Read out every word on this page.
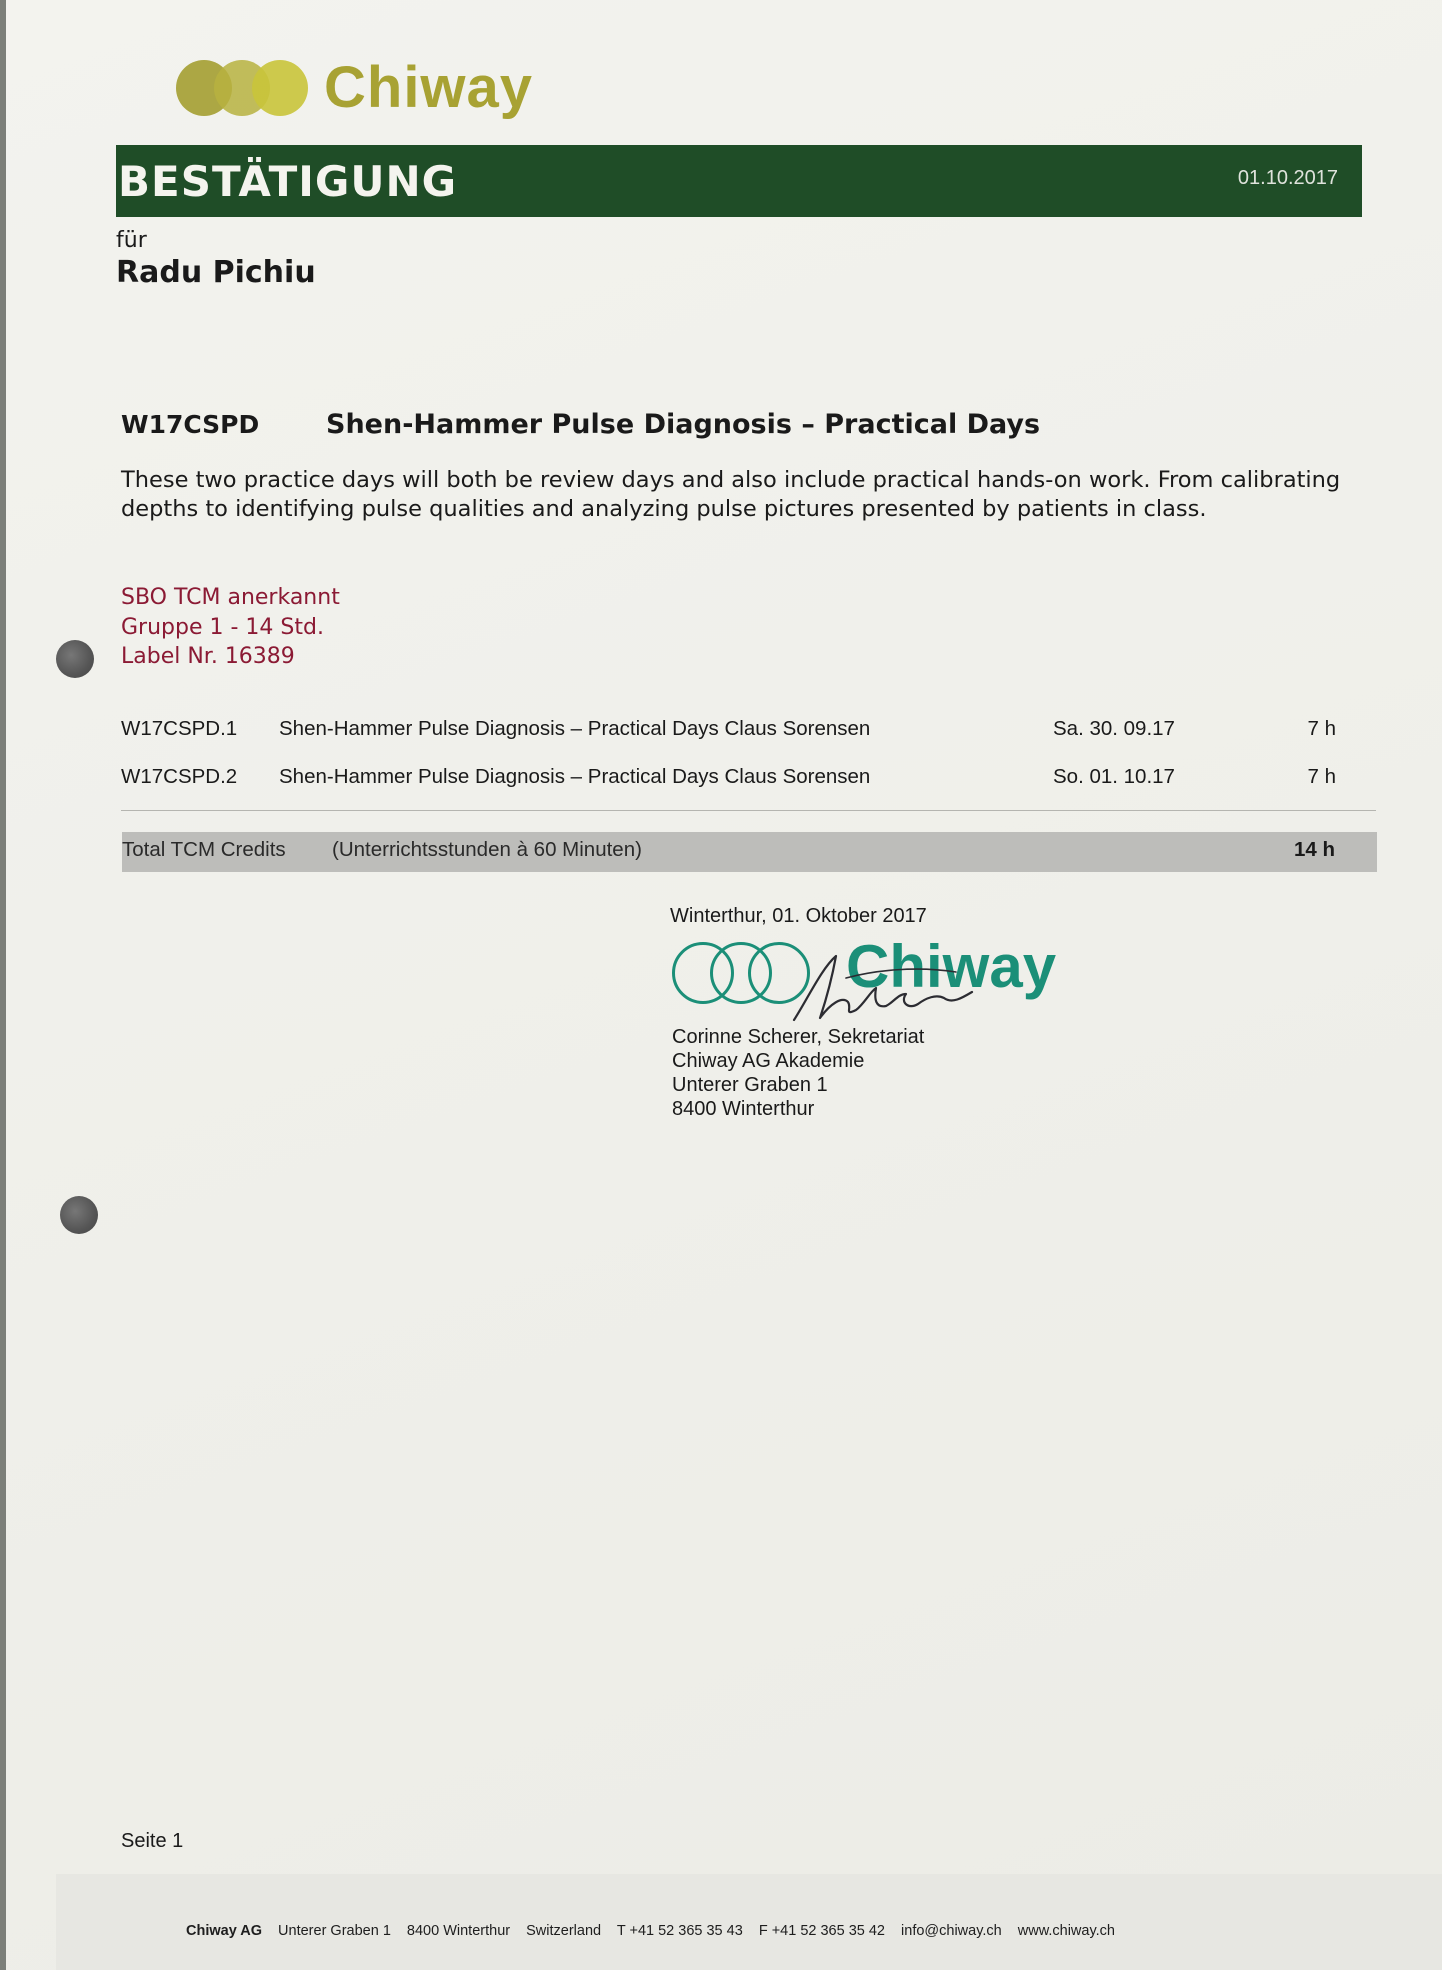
Chiway
BESTÄTIGUNG	01.10.2017
für
Radu Pichiu
W17CSPD Shen-Hammer Pulse Diagnosis – Practical Days
These two practice days will both be review days and also include practical hands-on work. From calibrating depths to identifying pulse qualities and analyzing pulse pictures presented by patients in class.
SBO TCM anerkannt
Gruppe 1 - 14 Std.
Label Nr. 16389
W17CSPD.1 Shen-Hammer Pulse Diagnosis – Practical Days Claus Sorensen	Sa. 30. 09.17	7 h
W17CSPD.2 Shen-Hammer Pulse Diagnosis – Practical Days Claus Sorensen	So. 01. 10.17	7 h
Total TCM Credits (Unterrichtsstunden à 60 Minuten)	14 h
Winterthur, 01. Oktober 2017
Chiway
Corinne Scherer, Sekretariat
Chiway AG Akademie
Unterer Graben 1
8400 Winterthur
Seite 1
Chiway AG Unterer Graben 1 8400 Winterthur Switzerland T +41 52 365 35 43 F +41 52 365 35 42 info@chiway.ch www.chiway.ch
